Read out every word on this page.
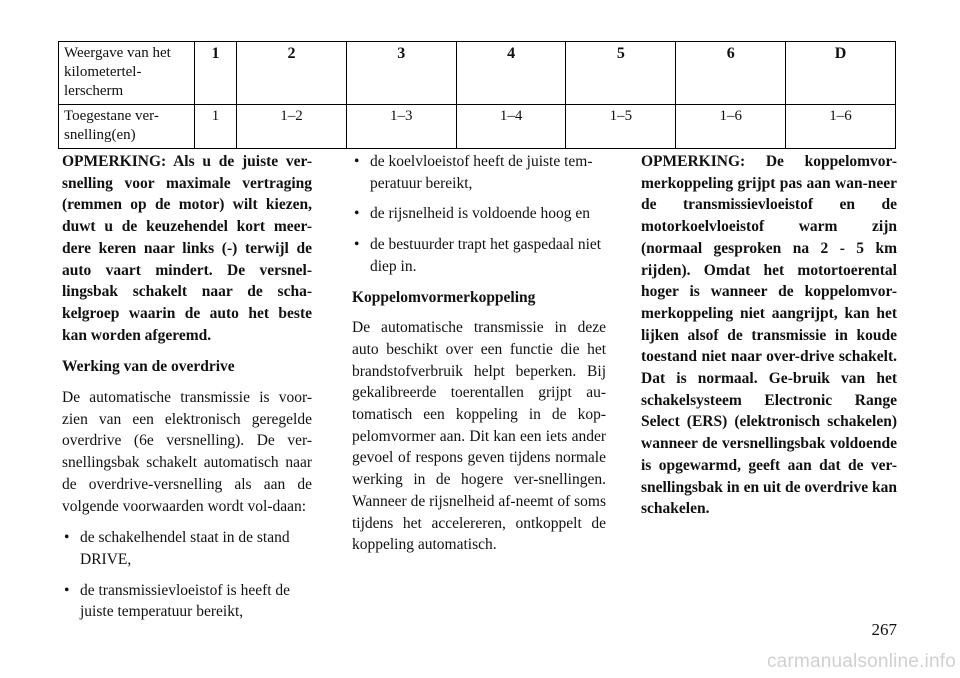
Weergave van het kilometertel-lerscherm	1	2	3	4	5	6	D
Toegestane ver-snelling(en)	1	1–2	1–3	1–4	1–5	1–6	1–6

OPMERKING: Als u de juiste ver-snelling voor maximale vertraging (remmen op de motor) wilt kiezen, duwt u de keuzehendel kort meer-dere keren naar links (-) terwijl de auto vaart mindert. De versnel-lingsbak schakelt naar de scha-kelgroep waarin de auto het beste kan worden afgeremd.

Werking van de overdrive

De automatische transmissie is voor-zien van een elektronisch geregelde overdrive (6e versnelling). De ver-snellingsbak schakelt automatisch naar de overdrive-versnelling als aan de volgende voorwaarden wordt vol-daan:

• de schakelhendel staat in de stand DRIVE,
• de transmissievloeistof is heeft de juiste temperatuur bereikt,
• de koelvloeistof heeft de juiste tem-peratuur bereikt,
• de rijsnelheid is voldoende hoog en
• de bestuurder trapt het gaspedaal niet diep in.

Koppelomvormerkoppeling

De automatische transmissie in deze auto beschikt over een functie die het brandstofverbruik helpt beperken. Bij gekalibreerde toerentallen grijpt au-tomatisch een koppeling in de kop-pelomvormer aan. Dit kan een iets ander gevoel of respons geven tijdens normale werking in de hogere ver-snellingen. Wanneer de rijsnelheid af-neemt of soms tijdens het accelereren, ontkoppelt de koppeling automatisch.

OPMERKING: De koppelomvor-merkoppeling grijpt pas aan wan-neer de transmissievloeistof en de motorkoelvloeistof warm zijn (normaal gesproken na 2 - 5 km rijden). Omdat het motortoerental hoger is wanneer de koppelomvor-merkoppeling niet aangrijpt, kan het lijken alsof de transmissie in koude toestand niet naar over-drive schakelt. Dat is normaal. Ge-bruik van het schakelsysteem Electronic Range Select (ERS) (elektronisch schakelen) wanneer de versnellingsbak voldoende is opgewarmd, geeft aan dat de ver-snellingsbak in en uit de overdrive kan schakelen.

267
carmanualsonline.info
